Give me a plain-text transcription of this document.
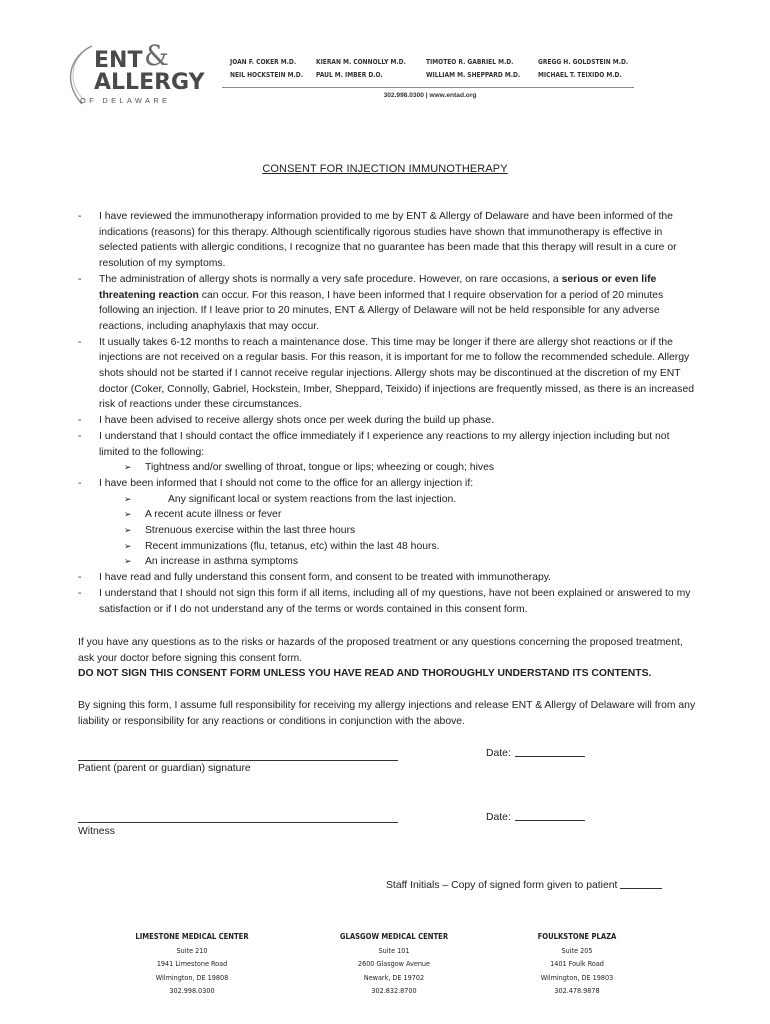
ENT &
ALLERGY
OF DELAWARE
JOAN F. COKER M.D.	KIERAN M. CONNOLLY M.D.	TIMOTEO R. GABRIEL M.D.	GREGG H. GOLDSTEIN M.D.
NEIL HOCKSTEIN M.D.	PAUL M. IMBER D.O.	WILLIAM M. SHEPPARD M.D.	MICHAEL T. TEIXIDO M.D.
302.998.0300 | www.entad.org
CONSENT FOR INJECTION IMMUNOTHERAPY
- I have reviewed the immunotherapy information provided to me by ENT & Allergy of Delaware and have been informed of the indications (reasons) for this therapy. Although scientifically rigorous studies have shown that immunotherapy is effective in selected patients with allergic conditions, I recognize that no guarantee has been made that this therapy will result in a cure or resolution of my symptoms.
- The administration of allergy shots is normally a very safe procedure. However, on rare occasions, a serious or even life threatening reaction can occur. For this reason, I have been informed that I require observation for a period of 20 minutes following an injection. If I leave prior to 20 minutes, ENT & Allergy of Delaware will not be held responsible for any adverse reactions, including anaphylaxis that may occur.
- It usually takes 6-12 months to reach a maintenance dose. This time may be longer if there are allergy shot reactions or if the injections are not received on a regular basis. For this reason, it is important for me to follow the recommended schedule. Allergy shots should not be started if I cannot receive regular injections. Allergy shots may be discontinued at the discretion of my ENT doctor (Coker, Connolly, Gabriel, Hockstein, Imber, Sheppard, Teixido) if injections are frequently missed, as there is an increased risk of reactions under these circumstances.
- I have been advised to receive allergy shots once per week during the build up phase.
- I understand that I should contact the office immediately if I experience any reactions to my allergy injection including but not limited to the following:
➢ Tightness and/or swelling of throat, tongue or lips; wheezing or cough; hives
- I have been informed that I should not come to the office for an allergy injection if:
➢	Any significant local or system reactions from the last injection.
➢ A recent acute illness or fever
➢ Strenuous exercise within the last three hours
➢ Recent immunizations (flu, tetanus, etc) within the last 48 hours.
➢ An increase in asthma symptoms
- I have read and fully understand this consent form, and consent to be treated with immunotherapy.
- I understand that I should not sign this form if all items, including all of my questions, have not been explained or answered to my satisfaction or if I do not understand any of the terms or words contained in this consent form.
If you have any questions as to the risks or hazards of the proposed treatment or any questions concerning the proposed treatment, ask your doctor before signing this consent form.
DO NOT SIGN THIS CONSENT FORM UNLESS YOU HAVE READ AND THOROUGHLY UNDERSTAND ITS CONTENTS.
By signing this form, I assume full responsibility for receiving my allergy injections and release ENT & Allergy of Delaware will from any liability or responsibility for any reactions or conditions in conjunction with the above.
Patient (parent or guardian) signature
Date:
Witness
Date:
Staff Initials – Copy of signed form given to patient
LIMESTONE MEDICAL CENTER
Suite 210
1941 Limestone Road
Wilmington, DE 19808
302.998.0300
GLASGOW MEDICAL CENTER
Suite 101
2600 Glasgow Avenue
Newark, DE 19702
302.832.8700
FOULKSTONE PLAZA
Suite 205
1401 Foulk Road
Wilmington, DE 19803
302.478.9878
